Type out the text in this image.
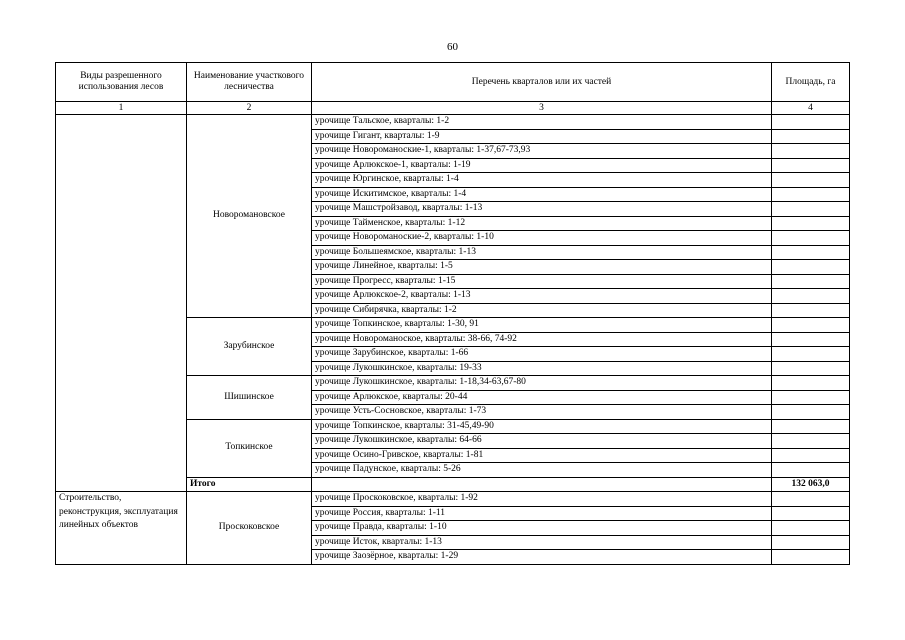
60
Виды разрешенного использования лесов	Наименование участкового лесничества	Перечень кварталов или их частей	Площадь, га
1	2	3	4
	Новоромановское	урочище Тальское, кварталы: 1-2	
		урочище Гигант, кварталы: 1-9	
		урочище Новороманоские-1, кварталы: 1-37,67-73,93	
		урочище Арлюкское-1, кварталы: 1-19	
		урочище Юргинское, кварталы: 1-4	
		урочище Искитимское, кварталы: 1-4	
		урочище Машстройзавод, кварталы: 1-13	
		урочище Тайменское, кварталы: 1-12	
		урочище Новороманоские-2, кварталы: 1-10	
		урочище Большеямское, кварталы: 1-13	
		урочище Линейное, кварталы: 1-5	
		урочище Прогресс, кварталы: 1-15	
		урочище Арлюкское-2, кварталы: 1-13	
		урочище Сибирячка, кварталы: 1-2	
	Зарубинское	урочище Топкинское, кварталы: 1-30, 91	
		урочище Новороманоское, кварталы: 38-66, 74-92	
		урочище Зарубинское, кварталы: 1-66	
		урочище Лукошкинское, кварталы: 19-33	
	Шишинское	урочище Лукошкинское, кварталы: 1-18,34-63,67-80	
		урочище Арлюкское, кварталы: 20-44	
		урочище Усть-Сосновское, кварталы: 1-73	
	Топкинское	урочище Топкинское, кварталы: 31-45,49-90	
		урочище Лукошкинское, кварталы: 64-66	
		урочище Осино-Гривское, кварталы: 1-81	
		урочище Падунское, кварталы: 5-26	
	Итого		132 063,0
Строительство, реконструкция, эксплуатация линейных объектов	Проскоковское	урочище Проскоковское, кварталы: 1-92	
		урочище Россия, кварталы: 1-11	
		урочище Правда, кварталы: 1-10	
		урочище Исток, кварталы: 1-13	
		урочище Заозёрное, кварталы: 1-29	
